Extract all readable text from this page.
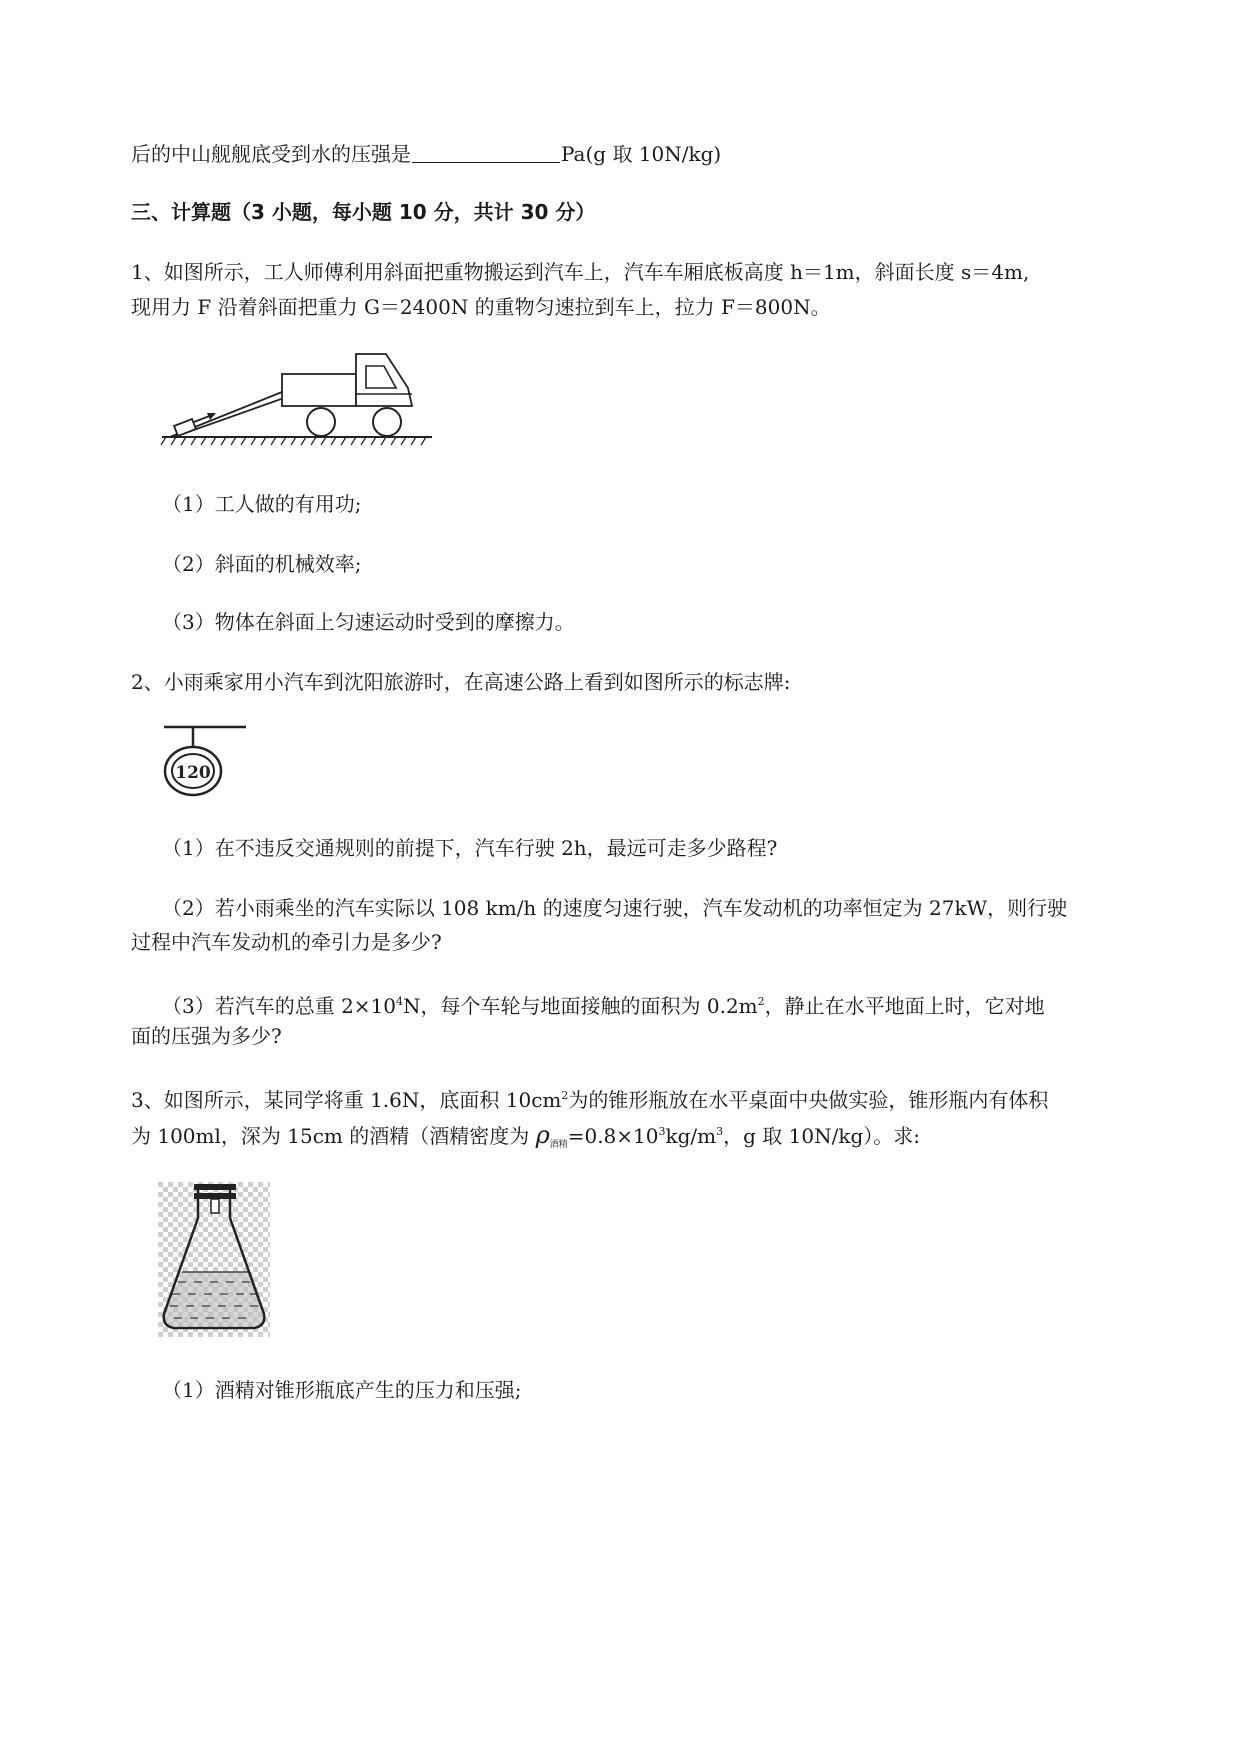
后的中山舰舰底受到水的压强是	Pa(g 取 10N/kg)
三、计算题（3 小题，每小题 10 分，共计 30 分）
1、如图所示，工人师傅利用斜面把重物搬运到汽车上，汽车车厢底板高度 h＝1m，斜面长度 s＝4m,
现用力 F 沿着斜面把重力 G＝2400N 的重物匀速拉到车上，拉力 F＝800N。
（1）工人做的有用功;
（2）斜面的机械效率;
（3）物体在斜面上匀速运动时受到的摩擦力。
2、小雨乘家用小汽车到沈阳旅游时，在高速公路上看到如图所示的标志牌:
120
（1）在不违反交通规则的前提下，汽车行驶 2h，最远可走多少路程?
（2）若小雨乘坐的汽车实际以 108 km/h 的速度匀速行驶，汽车发动机的功率恒定为 27kW，则行驶
过程中汽车发动机的牵引力是多少?
（3）若汽车的总重 $2\times 10^4N$，每个车轮与地面接触的面积为 $0.2m^2$，静止在水平地面上时，它对地
面的压强为多少?
3、如图所示，某同学将重 1.6N，底面积 $10cm^2$为的锥形瓶放在水平桌面中央做实验，锥形瓶内有体积
为 100ml，深为 15cm 的酒精（酒精密度为 $\rho_{酒精}=0.8\times 10^3kg/m^3$，g 取 10N/kg）。求:
（1）酒精对锥形瓶底产生的压力和压强;
